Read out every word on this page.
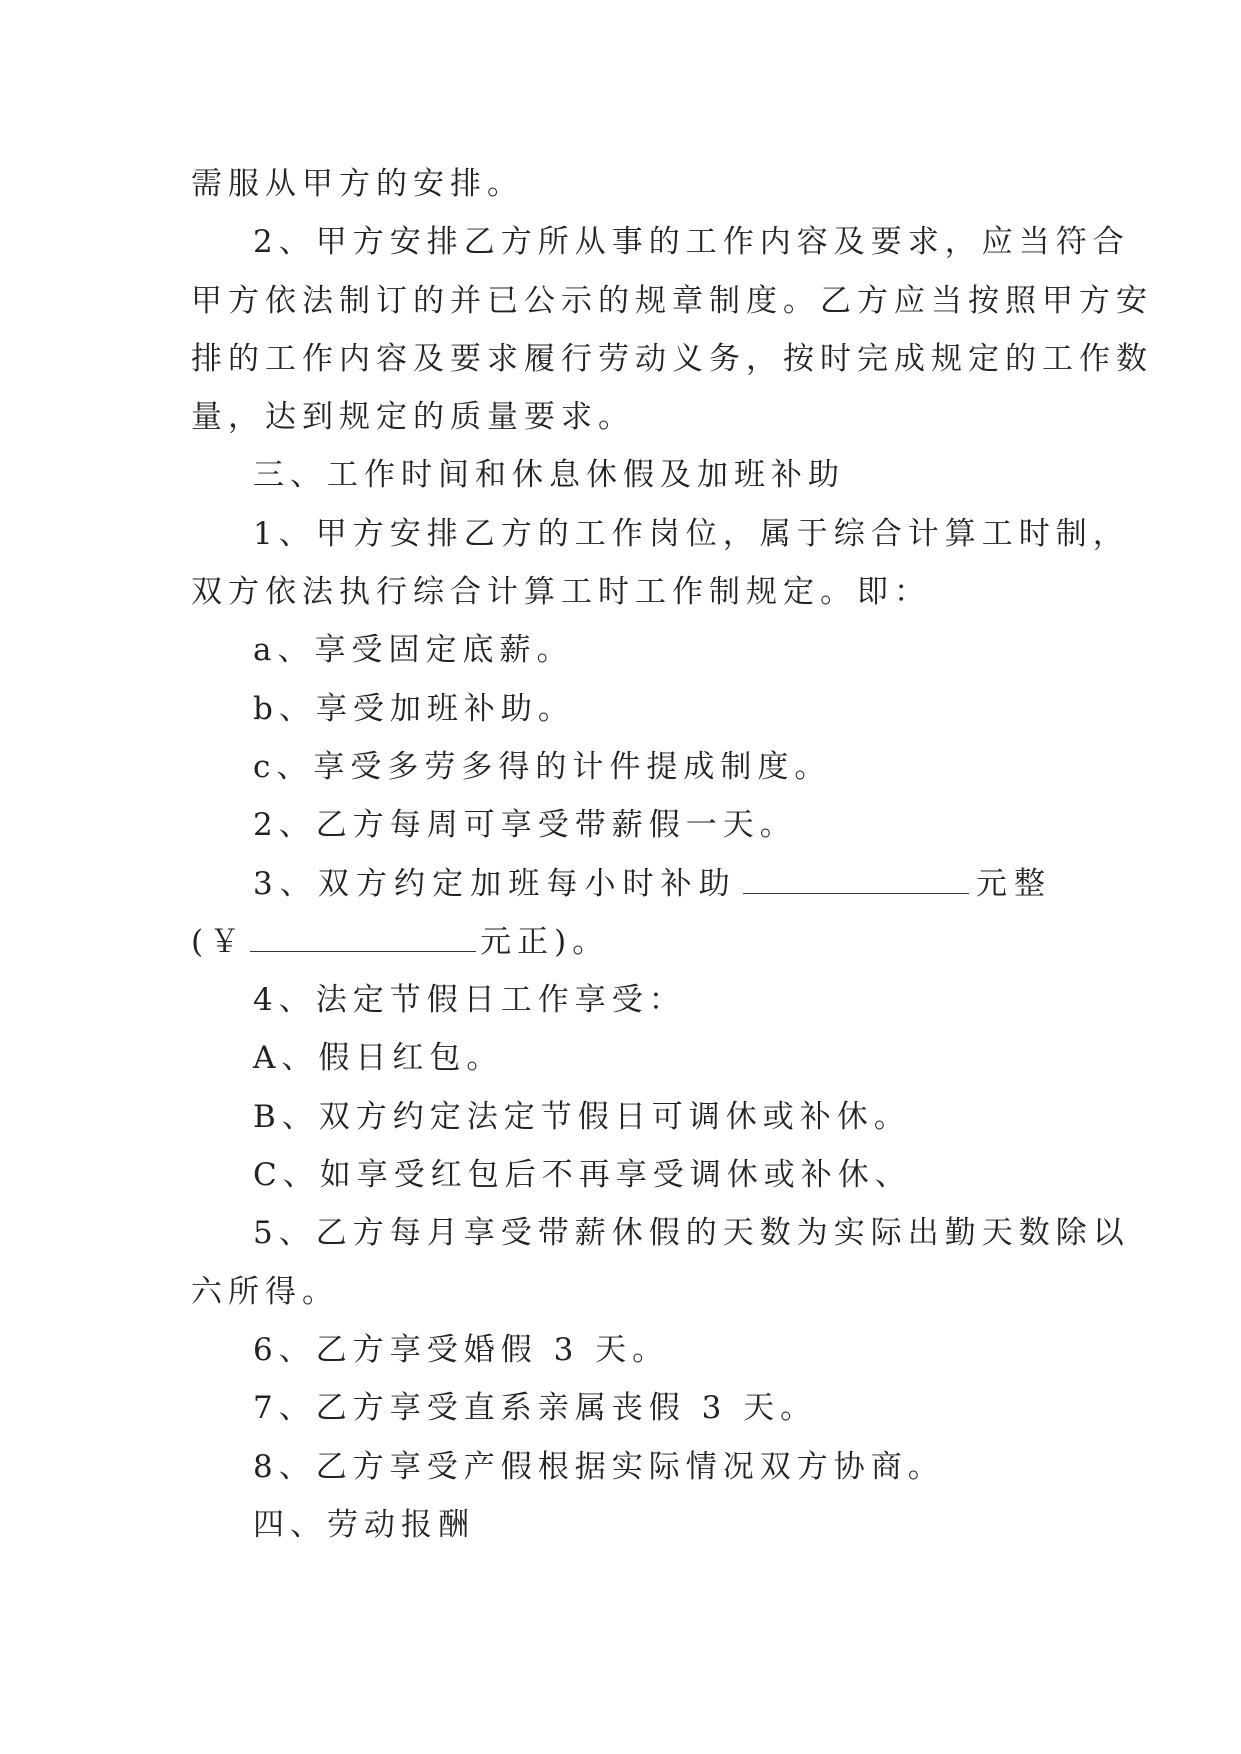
需服从甲方的安排。
2、甲方安排乙方所从事的工作内容及要求，应当符合
甲方依法制订的并已公示的规章制度。乙方应当按照甲方安
排的工作内容及要求履行劳动义务，按时完成规定的工作数
量，达到规定的质量要求。
三、工作时间和休息休假及加班补助
1、甲方安排乙方的工作岗位，属于综合计算工时制，
双方依法执行综合计算工时工作制规定。即：
a、享受固定底薪。
b、享受加班补助。
c、享受多劳多得的计件提成制度。
2、乙方每周可享受带薪假一天。
3、双方约定加班每小时补助	元整
(￥	元正)。
4、法定节假日工作享受：
A、假日红包。
B、双方约定法定节假日可调休或补休。
C、如享受红包后不再享受调休或补休、
5、乙方每月享受带薪休假的天数为实际出勤天数除以
六所得。
6、乙方享受婚假 3 天。
7、乙方享受直系亲属丧假 3 天。
8、乙方享受产假根据实际情况双方协商。
四、劳动报酬
